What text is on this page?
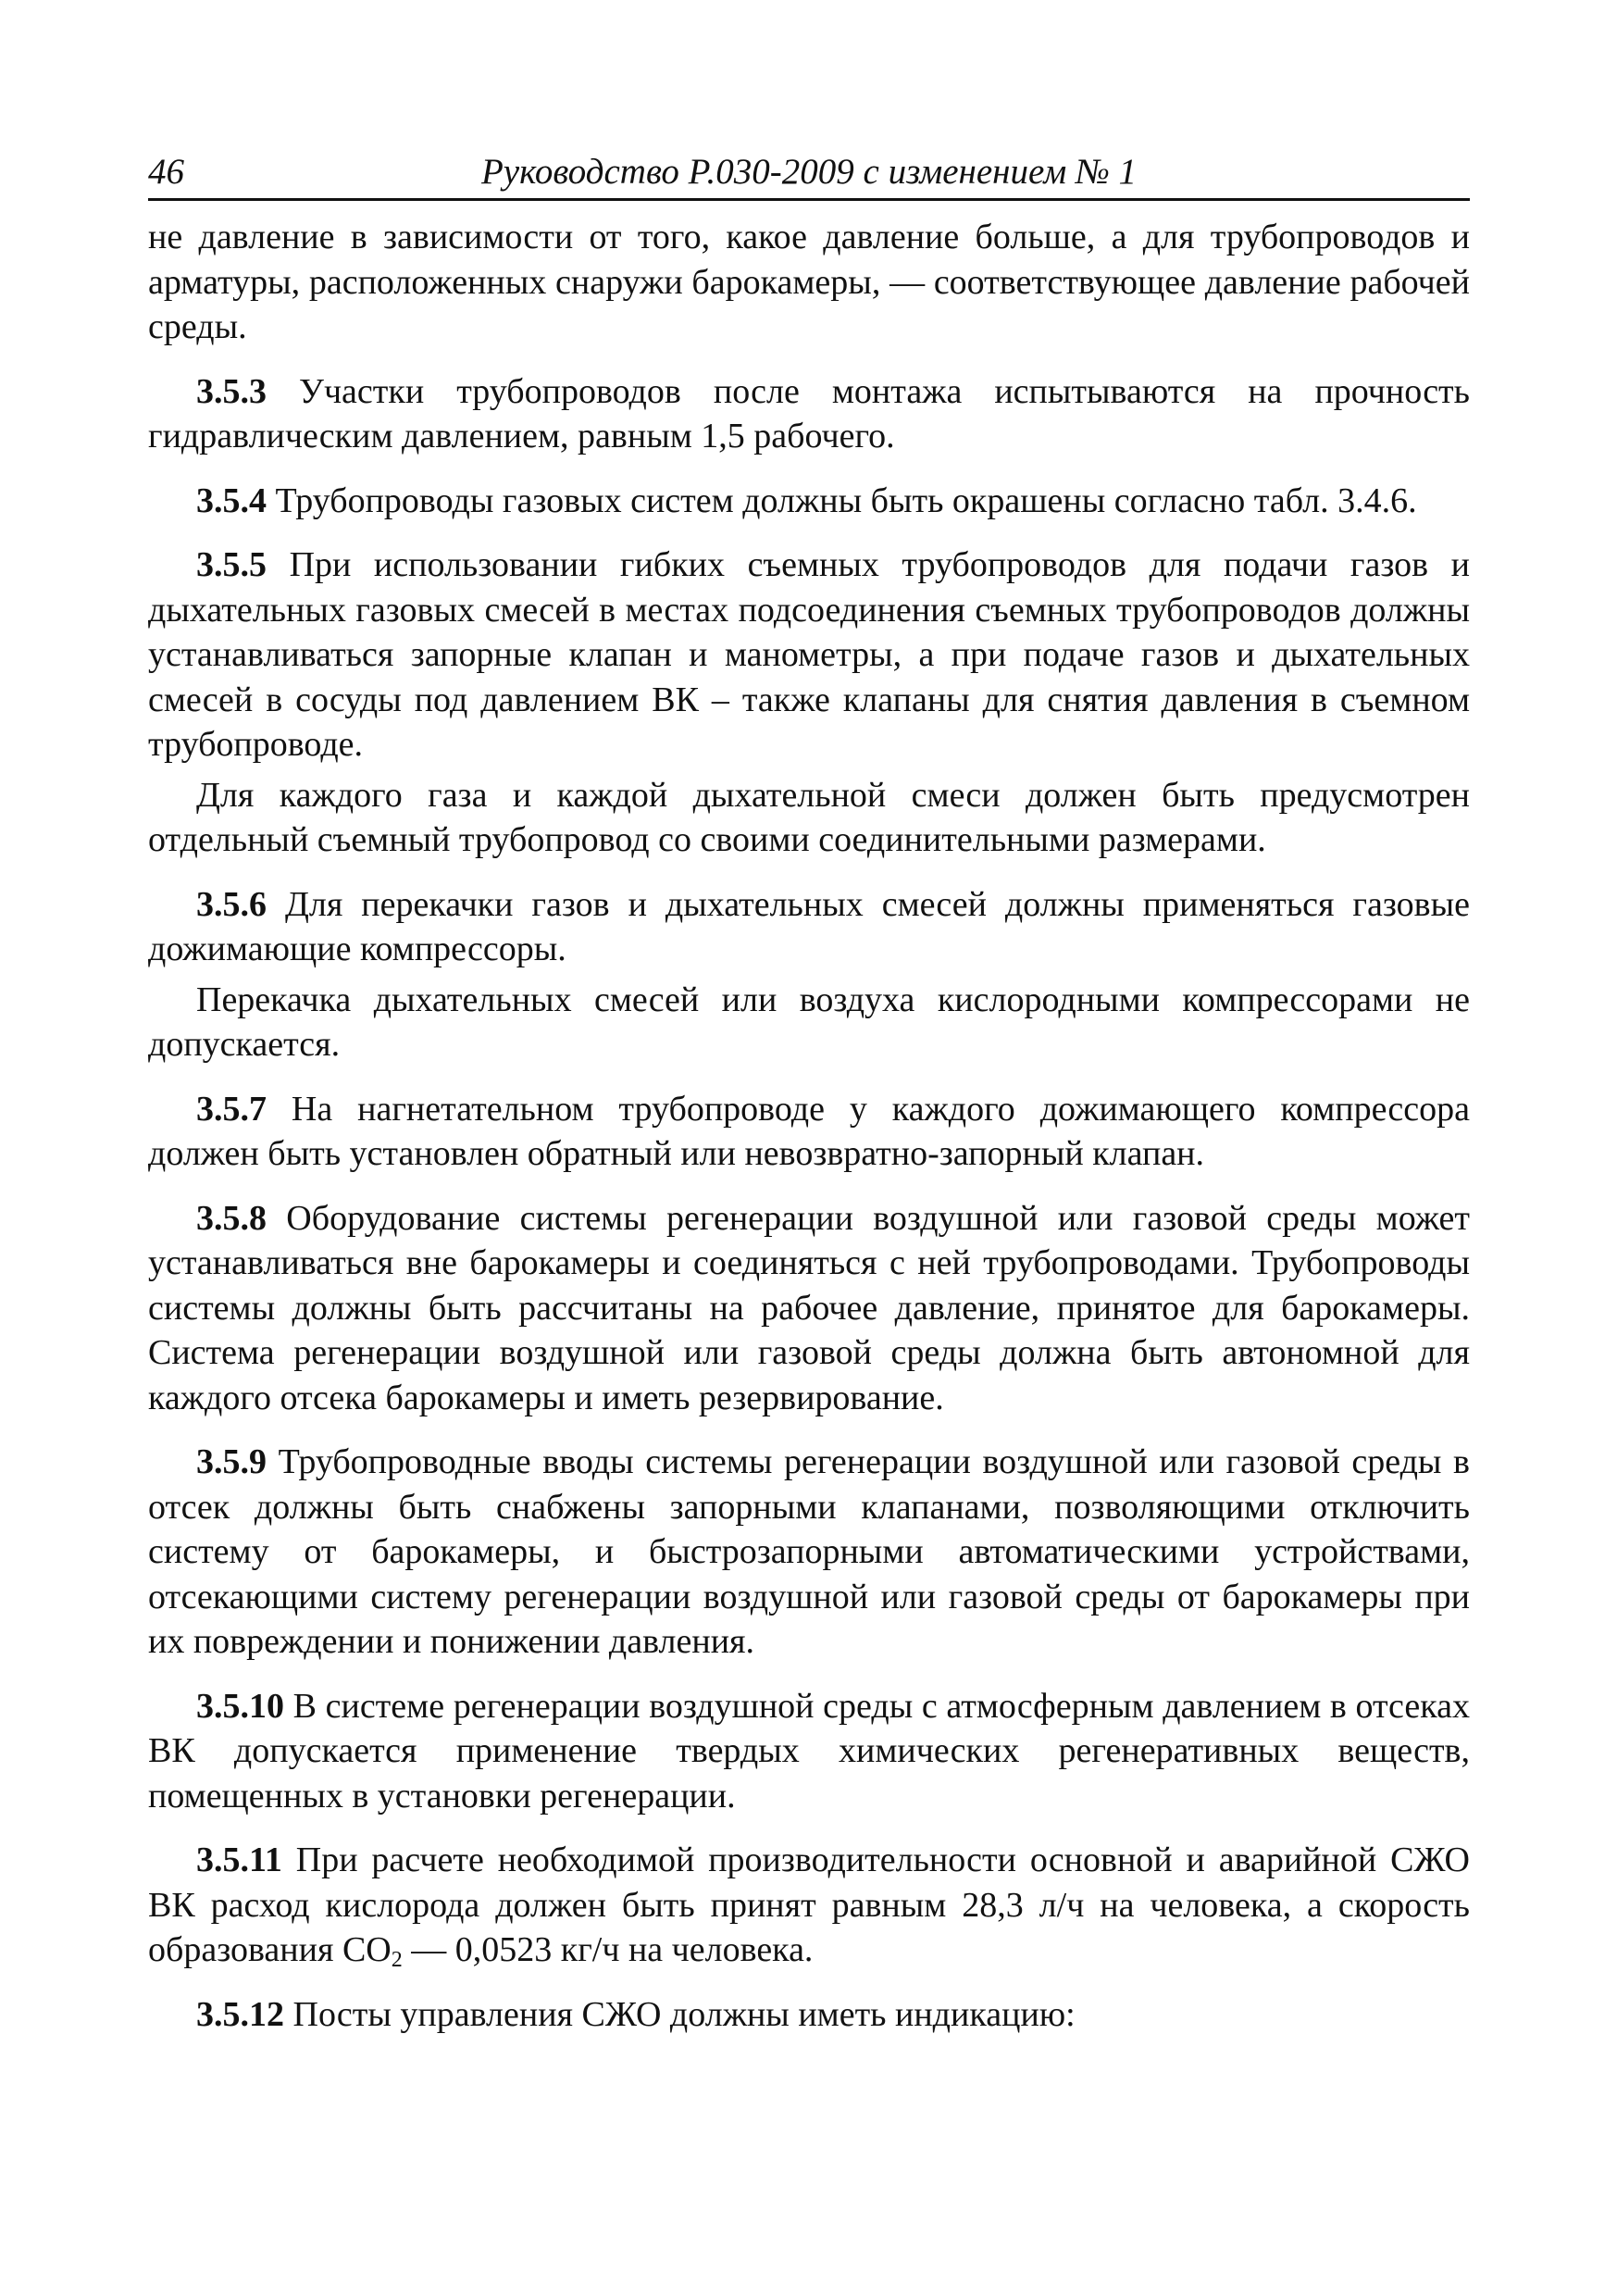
46	Руководство Р.030-2009 с изменением № 1

не давление в зависимости от того, какое давление больше, а для трубопроводов и арматуры, расположенных снаружи барокамеры, — соответствующее давление рабочей среды.

3.5.3 Участки трубопроводов после монтажа испытываются на прочность гидравлическим давлением, равным 1,5 рабочего.

3.5.4 Трубопроводы газовых систем должны быть окрашены согласно табл. 3.4.6.

3.5.5 При использовании гибких съемных трубопроводов для подачи газов и дыхательных газовых смесей в местах подсоединения съемных трубопроводов должны устанавливаться запорные клапан и манометры, а при подаче газов и дыхательных смесей в сосуды под давлением ВК – также клапаны для снятия давления в съемном трубопроводе.

Для каждого газа и каждой дыхательной смеси должен быть предусмотрен отдельный съемный трубопровод со своими соединительными размерами.

3.5.6 Для перекачки газов и дыхательных смесей должны применяться газовые дожимающие компрессоры.

Перекачка дыхательных смесей или воздуха кислородными компрессорами не допускается.

3.5.7 На нагнетательном трубопроводе у каждого дожимающего компрессора должен быть установлен обратный или невозвратно-запорный клапан.

3.5.8 Оборудование системы регенерации воздушной или газовой среды может устанавливаться вне барокамеры и соединяться с ней трубопроводами. Трубопроводы системы должны быть рассчитаны на рабочее давление, принятое для барокамеры. Система регенерации воздушной или газовой среды должна быть автономной для каждого отсека барокамеры и иметь резервирование.

3.5.9 Трубопроводные вводы системы регенерации воздушной или газовой среды в отсек должны быть снабжены запорными клапанами, позволяющими отключить систему от барокамеры, и быстрозапорными автоматическими устройствами, отсекающими систему регенерации воздушной или газовой среды от барокамеры при их повреждении и понижении давления.

3.5.10 В системе регенерации воздушной среды с атмосферным давлением в отсеках ВК допускается применение твердых химических регенеративных веществ, помещенных в установки регенерации.

3.5.11 При расчете необходимой производительности основной и аварийной СЖО ВК расход кислорода должен быть принят равным 28,3 л/ч на человека, а скорость образования $CO_2$ — 0,0523 кг/ч на человека.

3.5.12 Посты управления СЖО должны иметь индикацию:
